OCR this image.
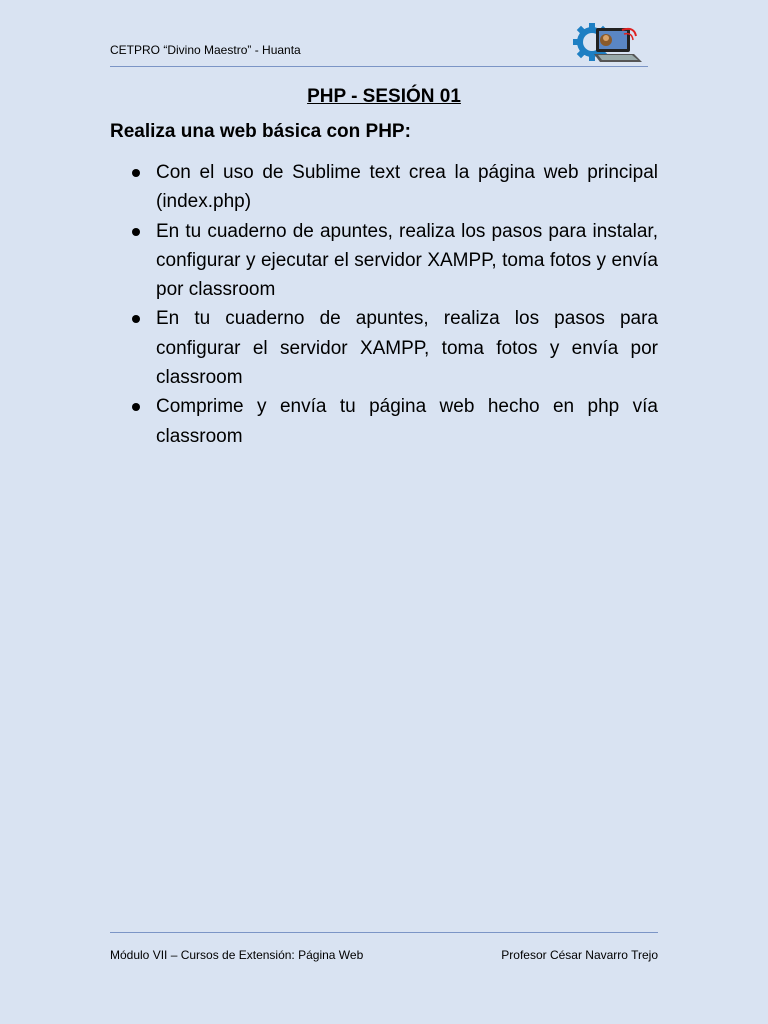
CETPRO “Divino Maestro” - Huanta
PHP - SESIÓN 01
Realiza una web básica con PHP:
Con el uso de Sublime text crea la página web principal (index.php)
En tu cuaderno de apuntes, realiza los pasos para instalar, configurar y ejecutar el servidor XAMPP, toma fotos y envía por classroom
En tu cuaderno de apuntes, realiza los pasos para configurar el servidor XAMPP, toma fotos y envía por classroom
Comprime y envía tu página web hecho en php vía classroom
Módulo VII – Cursos de Extensión: Página Web	Profesor César Navarro Trejo
